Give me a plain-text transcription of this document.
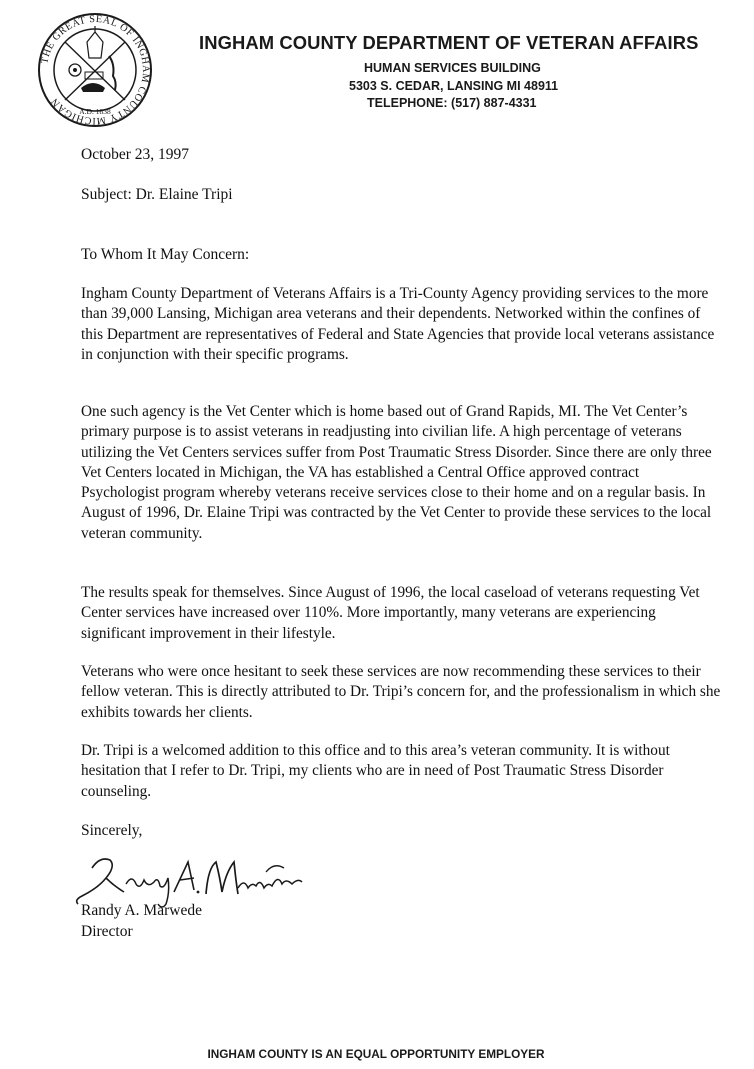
THE GREAT SEAL OF INGHAM COUNTY MICHIGAN
A.D. 1838
INGHAM COUNTY DEPARTMENT OF VETERAN AFFAIRS
HUMAN SERVICES BUILDING
5303 S. CEDAR, LANSING MI 48911
TELEPHONE: (517) 887-4331
October 23, 1997
Subject: Dr. Elaine Tripi
To Whom It May Concern:

Ingham County Department of Veterans Affairs is a Tri-County Agency providing services to the more than 39,000 Lansing, Michigan area veterans and their dependents. Networked within the confines of this Department are representatives of Federal and State Agencies that provide local veterans assistance in conjunction with their specific programs.

One such agency is the Vet Center which is home based out of Grand Rapids, MI. The Vet Center’s primary purpose is to assist veterans in readjusting into civilian life. A high percentage of veterans utilizing the Vet Centers services suffer from Post Traumatic Stress Disorder. Since there are only three Vet Centers located in Michigan, the VA has established a Central Office approved contract Psychologist program whereby veterans receive services close to their home and on a regular basis. In August of 1996, Dr. Elaine Tripi was contracted by the Vet Center to provide these services to the local veteran community.

The results speak for themselves. Since August of 1996, the local caseload of veterans requesting Vet Center services have increased over 110%. More importantly, many veterans are experiencing significant improvement in their lifestyle.

Veterans who were once hesitant to seek these services are now recommending these services to their fellow veteran. This is directly attributed to Dr. Tripi’s concern for, and the professionalism in which she exhibits towards her clients.

Dr. Tripi is a welcomed addition to this office and to this area’s veteran community. It is without hesitation that I refer to Dr. Tripi, my clients who are in need of Post Traumatic Stress Disorder counseling.

Sincerely,
Randy A. Marwede
Director
INGHAM COUNTY IS AN EQUAL OPPORTUNITY EMPLOYER
